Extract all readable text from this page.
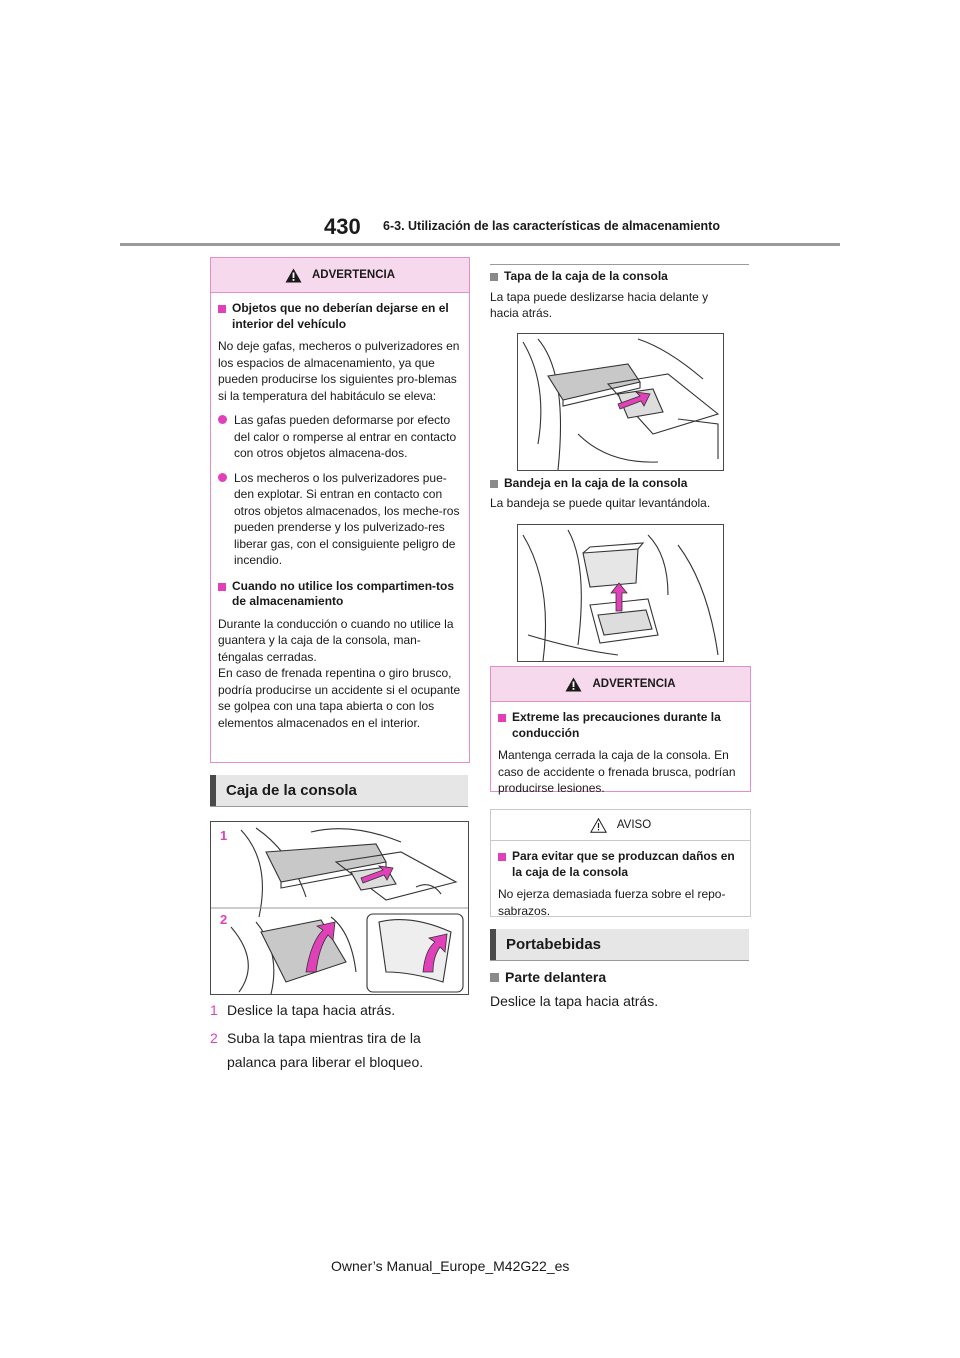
430 6-3. Utilización de las características de almacenamiento
ADVERTENCIA
Objetos que no deberían dejarse en el interior del vehículo

No deje gafas, mecheros o pulverizadores en los espacios de almacenamiento, ya que pueden producirse los siguientes pro-blemas si la temperatura del habitáculo se eleva:

Las gafas pueden deformarse por efecto del calor o romperse al entrar en contacto con otros objetos almacena-dos.
Los mecheros o los pulverizadores pue-den explotar. Si entran en contacto con otros objetos almacenados, los meche-ros pueden prenderse y los pulverizado-res liberar gas, con el consiguiente peligro de incendio.
Cuando no utilice los compartimen-tos de almacenamiento

Durante la conducción o cuando no utilice la guantera y la caja de la consola, man-téngalas cerradas.
En caso de frenada repentina o giro brusco, podría producirse un accidente si el ocupante se golpea con una tapa abierta o con los elementos almacenados en el interior.

Caja de la consola
1
2
1 Deslice la tapa hacia atrás.
2 Suba la tapa mientras tira de la palanca para liberar el bloqueo.
Tapa de la caja de la consola
La tapa puede deslizarse hacia delante y hacia atrás.
Bandeja en la caja de la consola
La bandeja se puede quitar levantándola.
ADVERTENCIA
Extreme las precauciones durante la conducción

Mantenga cerrada la caja de la consola. En caso de accidente o frenada brusca, podrían producirse lesiones.

AVISO
Para evitar que se produzcan daños en la caja de la consola

No ejerza demasiada fuerza sobre el repo-sabrazos.

Portabebidas
Parte delantera
Deslice la tapa hacia atrás.
Owner’s Manual_Europe_M42G22_es
